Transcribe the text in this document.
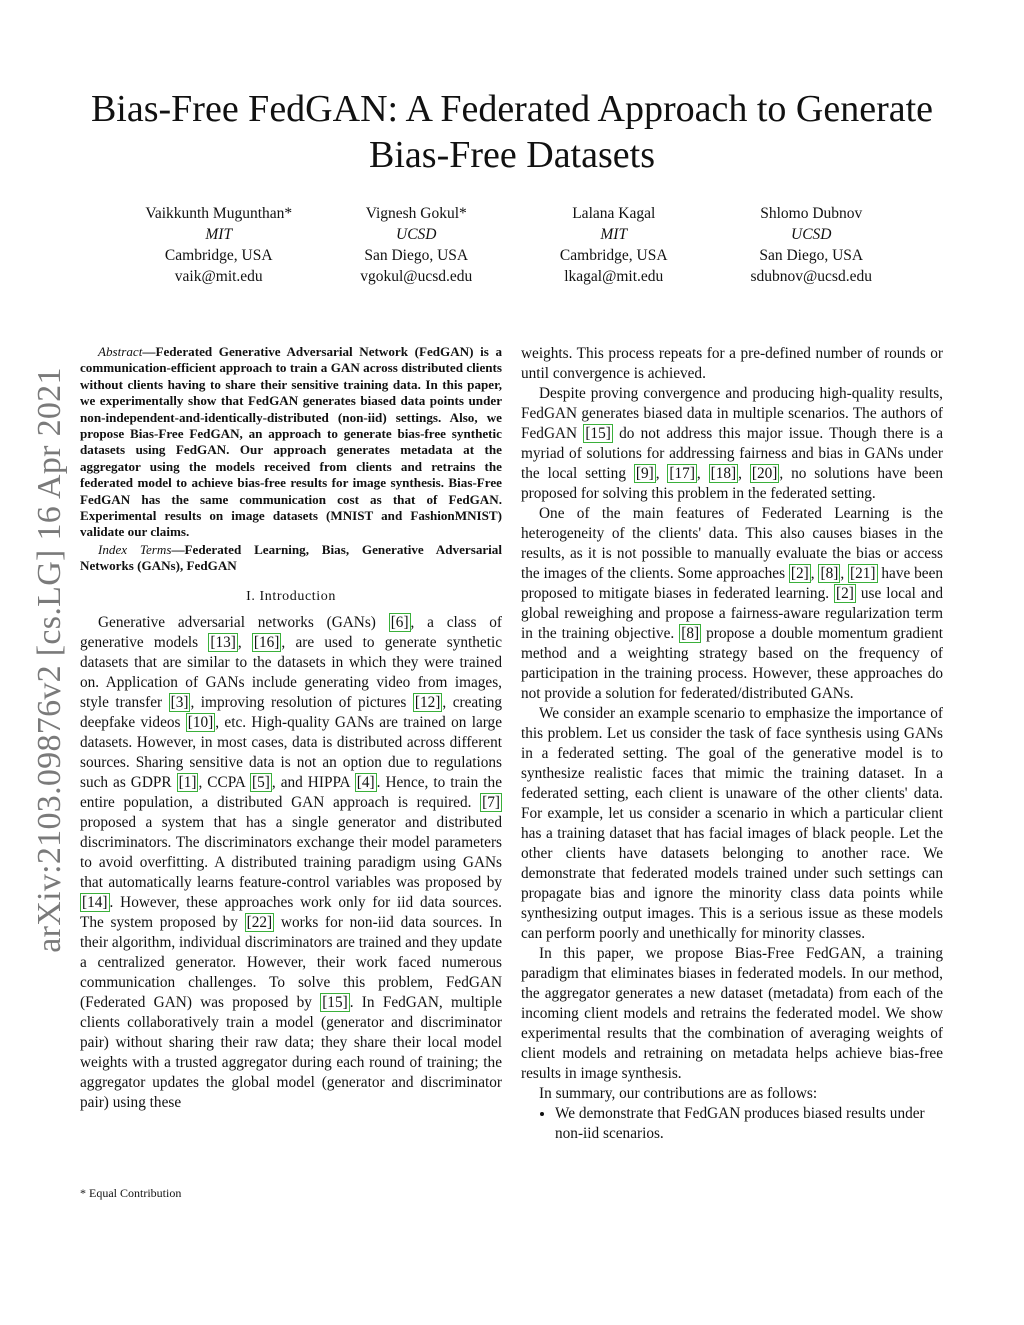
arXiv:2103.09876v2 [cs.LG] 16 Apr 2021
Bias-Free FedGAN: A Federated Approach to Generate Bias-Free Datasets
Vaikkunth Mugunthan*
MIT
Cambridge, USA
vaik@mit.edu
Vignesh Gokul*
UCSD
San Diego, USA
vgokul@ucsd.edu
Lalana Kagal
MIT
Cambridge, USA
lkagal@mit.edu
Shlomo Dubnov
UCSD
San Diego, USA
sdubnov@ucsd.edu

Abstract—Federated Generative Adversarial Network (FedGAN) is a communication-efficient approach to train a GAN across distributed clients without clients having to share their sensitive training data. In this paper, we experimentally show that FedGAN generates biased data points under non-independent-and-identically-distributed (non-iid) settings. Also, we propose Bias-Free FedGAN, an approach to generate bias-free synthetic datasets using FedGAN. Our approach generates metadata at the aggregator using the models received from clients and retrains the federated model to achieve bias-free results for image synthesis. Bias-Free FedGAN has the same communication cost as that of FedGAN. Experimental results on image datasets (MNIST and FashionMNIST) validate our claims.

Index Terms—Federated Learning, Bias, Generative Adversarial Networks (GANs), FedGAN

I. Introduction

Generative adversarial networks (GANs) [6] , a class of generative models [13] , [16] , are used to generate synthetic datasets that are similar to the datasets in which they were trained on. Application of GANs include generating video from images, style transfer [3] , improving resolution of pictures [12] , creating deepfake videos [10] , etc. High-quality GANs are trained on large datasets. However, in most cases, data is distributed across different sources. Sharing sensitive data is not an option due to regulations such as GDPR [1] , CCPA [5] , and HIPPA [4] . Hence, to train the entire population, a distributed GAN approach is required. [7] proposed a system that has a single generator and distributed discriminators. The discriminators exchange their model parameters to avoid overfitting. A distributed training paradigm using GANs that automatically learns feature-control variables was proposed by [14] . However, these approaches work only for iid data sources. The system proposed by [22] works for non-iid data sources. In their algorithm, individual discriminators are trained and they update a centralized generator. However, their work faced numerous communication challenges. To solve this problem, FedGAN (Federated GAN) was proposed by [15] . In FedGAN, multiple clients collaboratively train a model (generator and discriminator pair) without sharing their raw data; they share their local model weights with a trusted aggregator during each round of training; the aggregator updates the global model (generator and discriminator pair) using these

* Equal Contribution

weights. This process repeats for a pre-defined number of rounds or until convergence is achieved.

Despite proving convergence and producing high-quality results, FedGAN generates biased data in multiple scenarios. The authors of FedGAN [15] do not address this major issue. Though there is a myriad of solutions for addressing fairness and bias in GANs under the local setting [9] , [17] , [18] , [20] , no solutions have been proposed for solving this problem in the federated setting.

One of the main features of Federated Learning is the heterogeneity of the clients' data. This also causes biases in the results, as it is not possible to manually evaluate the bias or access the images of the clients. Some approaches [2] , [8] , [21] have been proposed to mitigate biases in federated learning. [2] use local and global reweighing and propose a fairness-aware regularization term in the training objective. [8] propose a double momentum gradient method and a weighting strategy based on the frequency of participation in the training process. However, these approaches do not provide a solution for federated/distributed GANs.

We consider an example scenario to emphasize the importance of this problem. Let us consider the task of face synthesis using GANs in a federated setting. The goal of the generative model is to synthesize realistic faces that mimic the training dataset. In a federated setting, each client is unaware of the other clients' data. For example, let us consider a scenario in which a particular client has a training dataset that has facial images of black people. Let the other clients have datasets belonging to another race. We demonstrate that federated models trained under such settings can propagate bias and ignore the minority class data points while synthesizing output images. This is a serious issue as these models can perform poorly and unethically for minority classes.

In this paper, we propose Bias-Free FedGAN, a training paradigm that eliminates biases in federated models. In our method, the aggregator generates a new dataset (metadata) from each of the incoming client models and retrains the federated model. We show experimental results that the combination of averaging weights of client models and retraining on metadata helps achieve bias-free results in image synthesis.

In summary, our contributions are as follows:

• We demonstrate that FedGAN produces biased results under non-iid scenarios.
